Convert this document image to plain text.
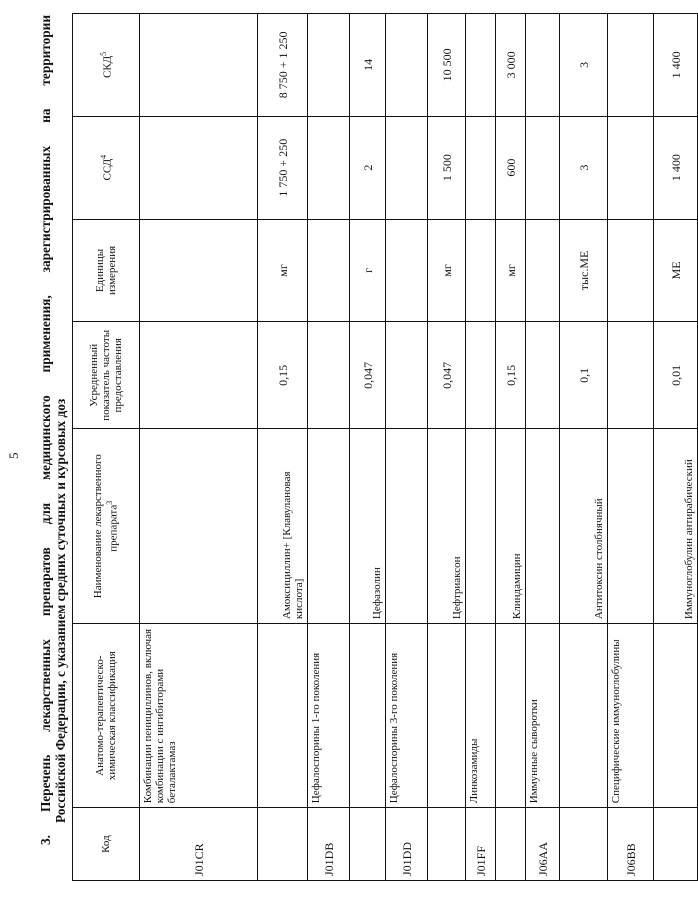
5 3. Перечень лекарственных препаратов для медицинского применения, зарегистрированных на территории Российской Федерации, с указанием средних суточных и курсовых доз
Код	Анатомо-терапевтическо-химическая классификация	Наименование лекарственного препарата$^3$	Усредненный показатель частоты предоставления	Единицы измерения	ССД$^4$	СКД$^5$
J01CR	Комбинации пенициллинов, включая комбинации с ингибиторами беталактамаз					
		Амоксициллин+ [Клавулановая кислота]	0,15	мг	1 750 + 250	8 750 + 1 250
J01DB	Цефалоспорины 1-го поколения					
		Цефазолин	0,047	г	2	14
J01DD	Цефалоспорины 3-го поколения					
		Цефтриаксон	0,047	мг	1 500	10 500
J01FF	Линкозамиды					
		Клиндамицин	0,15	мг	600	3 000
J06AA	Иммунные сыворотки					
		Антитоксин столбнячный	0,1	тыс.МЕ	3	3
J06BB	Специфические иммуноглобулины					
		Иммуноглобулин антирабический	0,01	МЕ	1 400	1 400
